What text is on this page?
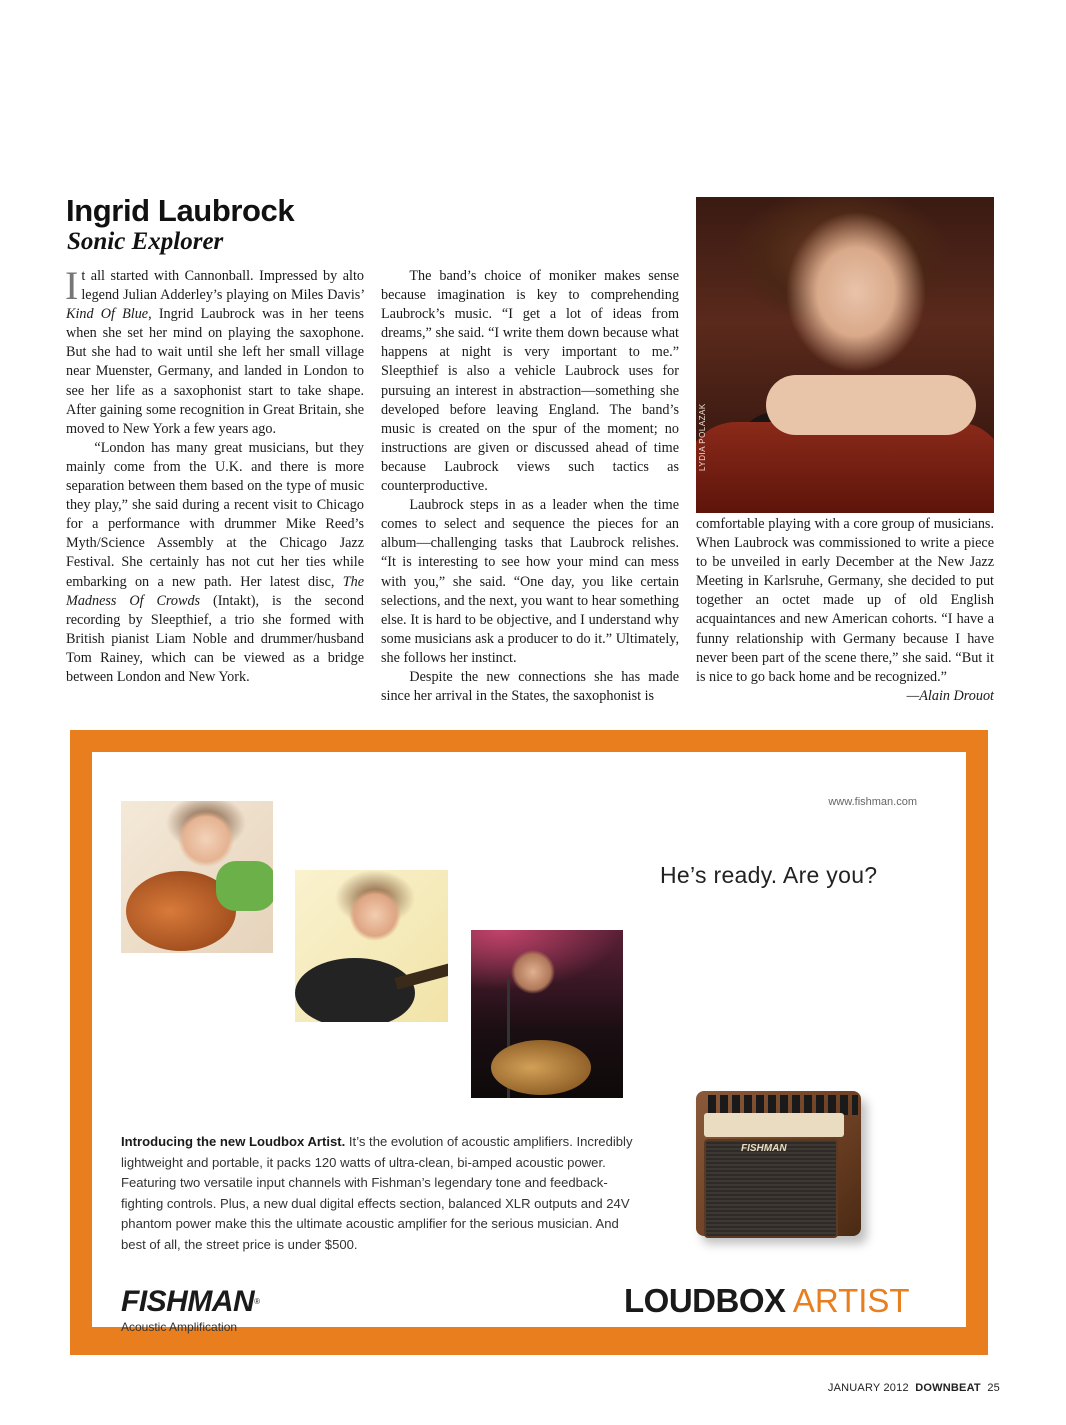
Ingrid Laubrock
Sonic Explorer

It all started with Cannonball. Impressed by alto legend Julian Adderley’s playing on Miles Davis’ Kind Of Blue, Ingrid Laubrock was in her teens when she set her mind on playing the saxophone. But she had to wait until she left her small village near Muenster, Germany, and landed in London to see her life as a saxophonist start to take shape. After gaining some recognition in Great Britain, she moved to New York a few years ago.

“London has many great musicians, but they mainly come from the U.K. and there is more separation between them based on the type of music they play,” she said during a recent visit to Chicago for a performance with drummer Mike Reed’s Myth/Science Assembly at the Chicago Jazz Festival. She certainly has not cut her ties while embarking on a new path. Her latest disc, The Madness Of Crowds (Intakt), is the second recording by Sleepthief, a trio she formed with British pianist Liam Noble and drummer/husband Tom Rainey, which can be viewed as a bridge between London and New York.

The band’s choice of moniker makes sense because imagination is key to comprehending Laubrock’s music. “I get a lot of ideas from dreams,” she said. “I write them down because what happens at night is very important to me.” Sleepthief is also a vehicle Laubrock uses for pursuing an interest in abstraction—something she developed before leaving England. The band’s music is created on the spur of the moment; no instructions are given or discussed ahead of time because Laubrock views such tactics as counterproductive.

Laubrock steps in as a leader when the time comes to select and sequence the pieces for an album—challenging tasks that Laubrock relishes. “It is interesting to see how your mind can mess with you,” she said. “One day, you like certain selections, and the next, you want to hear something else. It is hard to be objective, and I understand why some musicians ask a producer to do it.” Ultimately, she follows her instinct.

Despite the new connections she has made since her arrival in the States, the saxophonist is

LYDIA POLAZAK

comfortable playing with a core group of musicians. When Laubrock was commissioned to write a piece to be unveiled in early December at the New Jazz Meeting in Karlsruhe, Germany, she decided to put together an octet made up of old English acquaintances and new American cohorts. “I have a funny relationship with Germany because I have never been part of the scene there,” she said. “But it is nice to go back home and be recognized.”
—Alain Drouot

www.fishman.com
He’s ready. Are you?
FISHMAN

Introducing the new Loudbox Artist. It’s the evolution of acoustic amplifiers. Incredibly lightweight and portable, it packs 120 watts of ultra-clean, bi-amped acoustic power. Featuring two versatile input channels with Fishman’s legendary tone and feedback-fighting controls. Plus, a new dual digital effects section, balanced XLR outputs and 24V phantom power make this the ultimate acoustic amplifier for the serious musician. And best of all, the street price is under $500.

FISHMAN®
Acoustic Amplification
LOUDBOX ARTIST
JANUARY 2012 DOWNBEAT 25
